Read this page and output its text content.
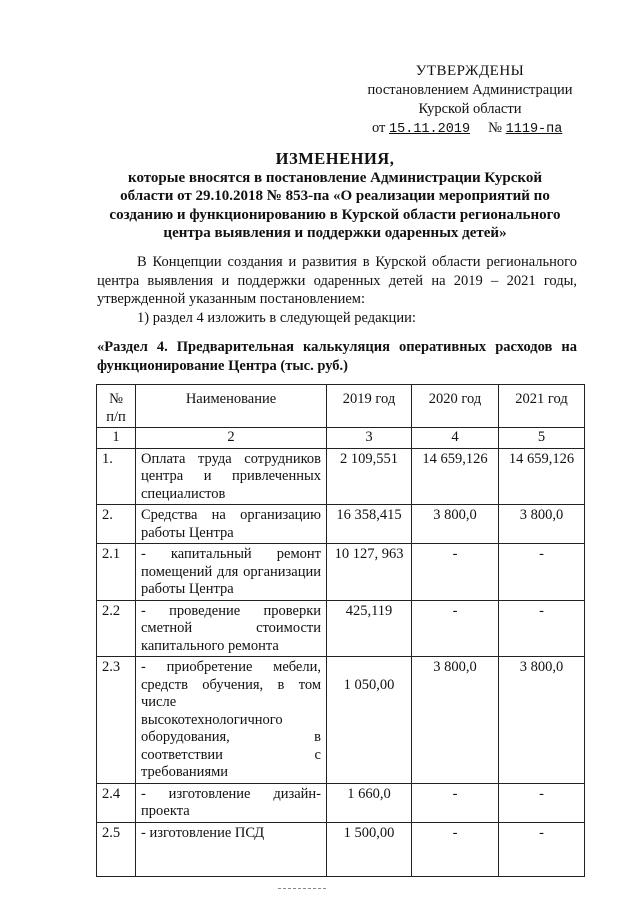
УТВЕРЖДЕНЫ
постановлением Администрации
Курской области
от 15.11.2019 № 1119-па
ИЗМЕНЕНИЯ,
которые вносятся в постановление Администрации Курской области от 29.10.2018 № 853-па «О реализации мероприятий по созданию и функционированию в Курской области регионального центра выявления и поддержки одаренных детей»
В Концепции создания и развития в Курской области регионального центра выявления и поддержки одаренных детей на 2019 – 2021 годы, утвержденной указанным постановлением:
1) раздел 4 изложить в следующей редакции:
«Раздел 4. Предварительная калькуляция оперативных расходов на функционирование Центра (тыс. руб.)
№ п/п	Наименование	2019 год	2020 год	2021 год
1	2	3	4	5
1.	Оплата труда сотрудников центра и привлеченных специалистов	2 109,551	14 659,126	14 659,126
2.	Средства на организацию работы Центра	16 358,415	3 800,0	3 800,0
2.1	- капитальный ремонт помещений для организации работы Центра	10 127, 963	-	-
2.2	- проведение проверки сметной стоимости капитального ремонта	425,119	-	-
2.3	- приобретение мебели, средств обучения, в том числе высокотехнологичного оборудования, в соответствии с требованиями	1 050,00	3 800,0	3 800,0
2.4	- изготовление дизайн-проекта	1 660,0	-	-
2.5	- изготовление ПСД	1 500,00	-	-
